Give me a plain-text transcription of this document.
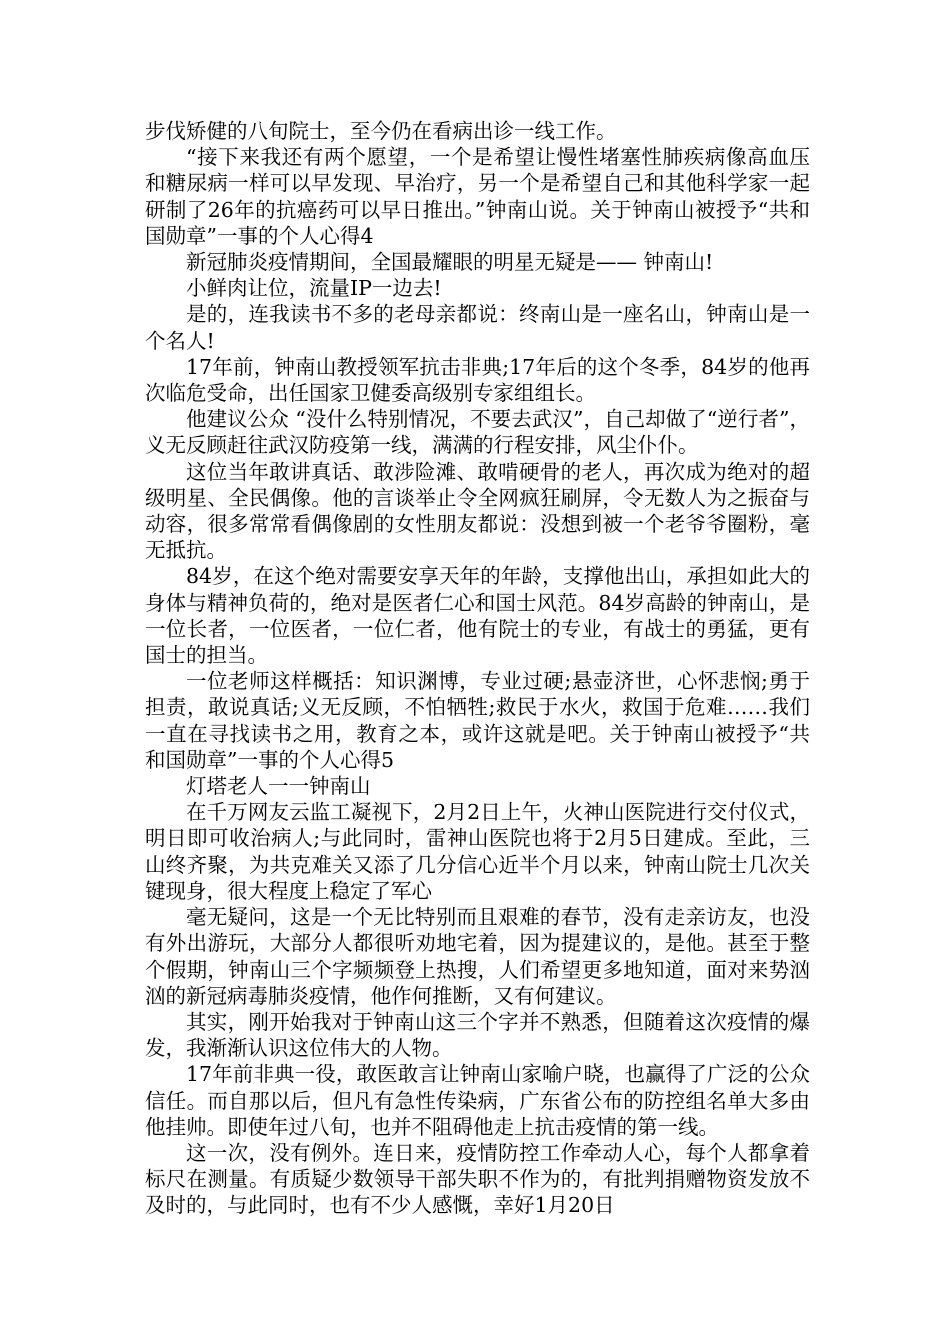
步伐矫健的八旬院士，至今仍在看病出诊一线工作。

“接下来我还有两个愿望，一个是希望让慢性堵塞性肺疾病像高血压和糖尿病一样可以早发现、早治疗，另一个是希望自己和其他科学家一起研制了26年的抗癌药可以早日推出。”钟南山说。关于钟南山被授予“共和国勋章”一事的个人心得4

新冠肺炎疫情期间，全国最耀眼的明星无疑是—— 钟南山!

小鲜肉让位，流量IP一边去!

是的，连我读书不多的老母亲都说：终南山是一座名山，钟南山是一个名人!

17年前，钟南山教授领军抗击非典;17年后的这个冬季，84岁的他再次临危受命，出任国家卫健委高级别专家组组长。

他建议公众 “没什么特别情况，不要去武汉”，自己却做了“逆行者”，义无反顾赶往武汉防疫第一线，满满的行程安排，风尘仆仆。

这位当年敢讲真话、敢涉险滩、敢啃硬骨的老人，再次成为绝对的超级明星、全民偶像。他的言谈举止令全网疯狂刷屏，令无数人为之振奋与动容，很多常常看偶像剧的女性朋友都说：没想到被一个老爷爷圈粉，毫无抵抗。

84岁，在这个绝对需要安享天年的年龄，支撑他出山，承担如此大的身体与精神负荷的，绝对是医者仁心和国士风范。84岁高龄的钟南山，是一位长者，一位医者，一位仁者，他有院士的专业，有战士的勇猛，更有国士的担当。

一位老师这样概括：知识渊博，专业过硬;悬壶济世，心怀悲悯;勇于担责，敢说真话;义无反顾，不怕牺牲;救民于水火，救国于危难……我们一直在寻找读书之用，教育之本，或许这就是吧。关于钟南山被授予“共和国勋章”一事的个人心得5

灯塔老人一一钟南山

在千万网友云监工凝视下，2月2日上午，火神山医院进行交付仪式，明日即可收治病人;与此同时，雷神山医院也将于2月5日建成。至此，三山终齐聚，为共克难关又添了几分信心近半个月以来，钟南山院士几次关键现身，很大程度上稳定了军心

毫无疑问，这是一个无比特别而且艰难的春节，没有走亲访友，也没有外出游玩，大部分人都很听劝地宅着，因为提建议的，是他。甚至于整个假期，钟南山三个字频频登上热搜，人们希望更多地知道，面对来势汹汹的新冠病毒肺炎疫情，他作何推断，又有何建议。

其实，刚开始我对于钟南山这三个字并不熟悉，但随着这次疫情的爆发，我渐渐认识这位伟大的人物。

17年前非典一役，敢医敢言让钟南山家喻户晓，也赢得了广泛的公众信任。而自那以后，但凡有急性传染病，广东省公布的防控组名单大多由他挂帅。即使年过八旬，也并不阻碍他走上抗击疫情的第一线。

这一次，没有例外。连日来，疫情防控工作牵动人心，每个人都拿着标尺在测量。有质疑少数领导干部失职不作为的，有批判捐赠物资发放不及时的，与此同时，也有不少人感慨，幸好1月20日
